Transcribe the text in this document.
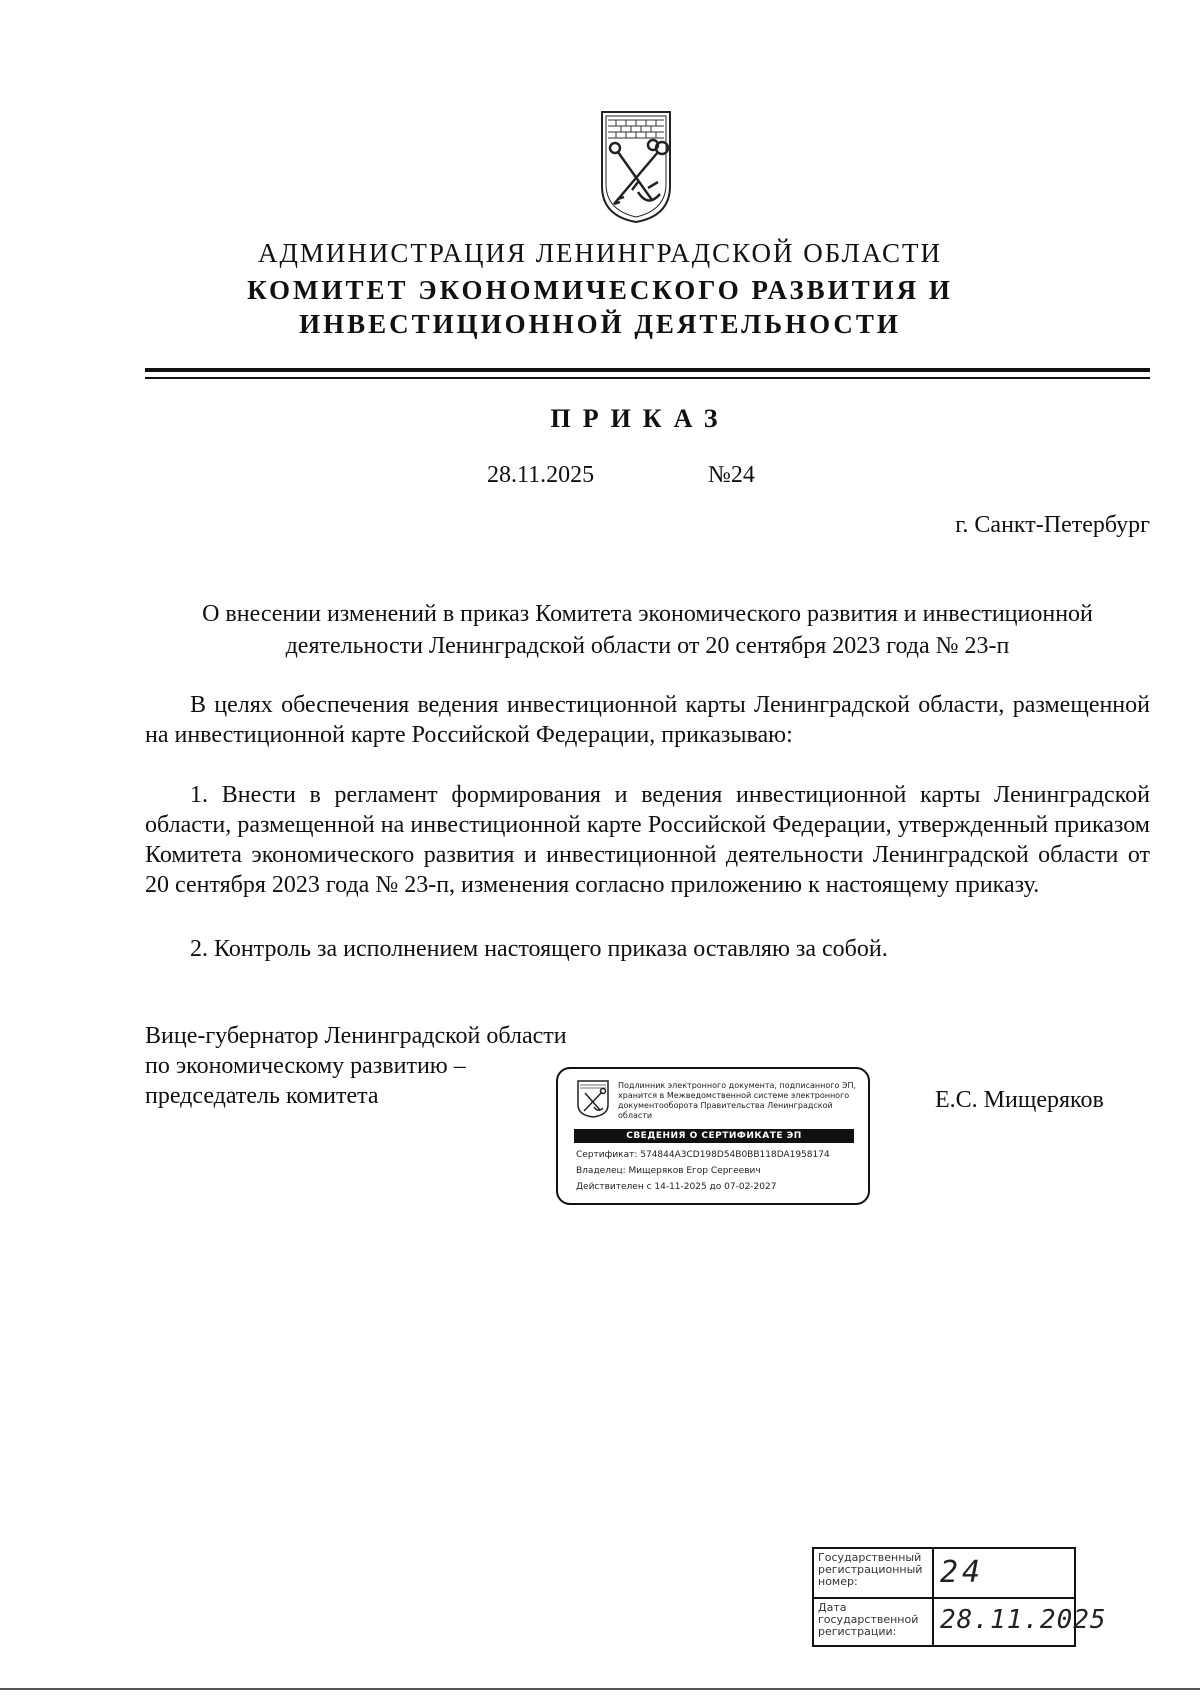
АДМИНИСТРАЦИЯ ЛЕНИНГРАДСКОЙ ОБЛАСТИ
КОМИТЕТ ЭКОНОМИЧЕСКОГО РАЗВИТИЯ И
ИНВЕСТИЦИОННОЙ ДЕЯТЕЛЬНОСТИ
ПРИКАЗ
28.11.2025	№24
г. Санкт-Петербург
О внесении изменений в приказ Комитета экономического развития и инвестиционной
деятельности Ленинградской области от 20 сентября 2023 года № 23-п
В целях обеспечения ведения инвестиционной карты Ленинградской области, размещенной на инвестиционной карте Российской Федерации, приказываю:
1. Внести в регламент формирования и ведения инвестиционной карты Ленинградской области, размещенной на инвестиционной карте Российской Федерации, утвержденный приказом Комитета экономического развития и инвестиционной деятельности Ленинградской области от 20 сентября 2023 года № 23-п, изменения согласно приложению к настоящему приказу.
2. Контроль за исполнением настоящего приказа оставляю за собой.
Вице-губернатор Ленинградской области
по экономическому развитию –
председатель комитета	Подлинник электронного документа, подписанного ЭП, хранится в Межведомственной системе электронного документооборота Правительства Ленинградской области
СВЕДЕНИЯ О СЕРТИФИКАТЕ ЭП
Сертификат: 574844A3CD198D54B0BB118DA1958174
Владелец: Мищеряков Егор Сергеевич
Действителен с 14-11-2025 до 07-02-2027
Е.С. Мищеряков
Государственный регистрационный номер:	24
Дата государственной регистрации:	28.11.2025
